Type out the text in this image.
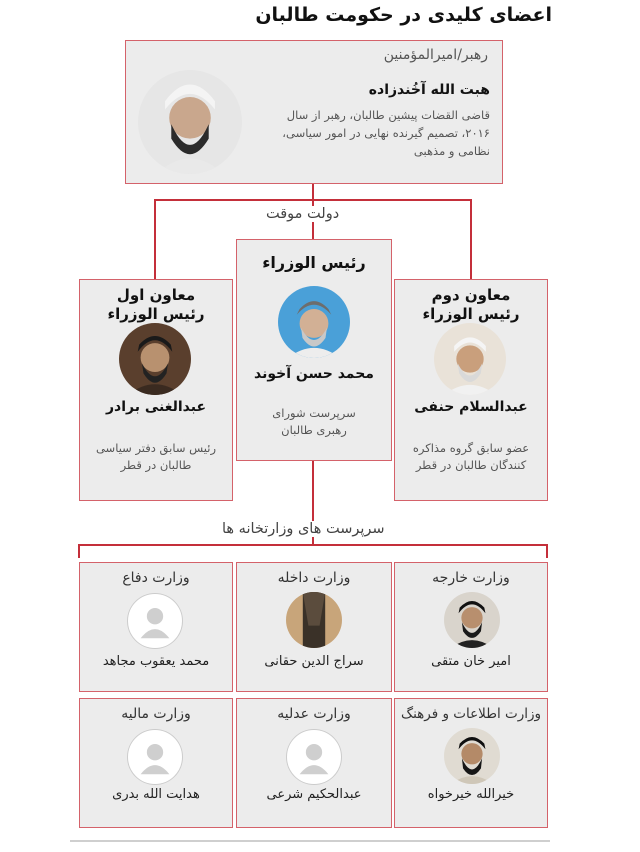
اعضای کلیدی در حکومت طالبان
رهبر/امیرالمؤمنین
هبت الله آخُندزاده
قاضی القضات پیشین طالبان، رهبر از سال
۲۰۱۶، تصمیم گیرنده نهایی در امور سیاسی،
نظامی و مذهبی
دولت موقت
رئیس الوزراء
محمد حسن آخوند
سرپرست شورای
رهبری طالبان
معاون اول
رئیس الوزراء
عبدالغنی برادر
رئیس سابق دفتر سیاسی
طالبان در قطر
معاون دوم
رئیس الوزراء
عبدالسلام حنفی
عضو سابق گروه مذاکره
کنندگان طالبان در قطر
سرپرست های وزارتخانه ها
وزارت دفاع
محمد یعقوب مجاهد
وزارت داخله
سراج الدین حقانی
وزارت خارجه
امیر خان متقی
وزارت مالیه
هدایت الله بدری
وزارت عدلیه
عبدالحکیم شرعی
وزارت اطلاعات و فرهنگ
خیرالله خیرخواه
